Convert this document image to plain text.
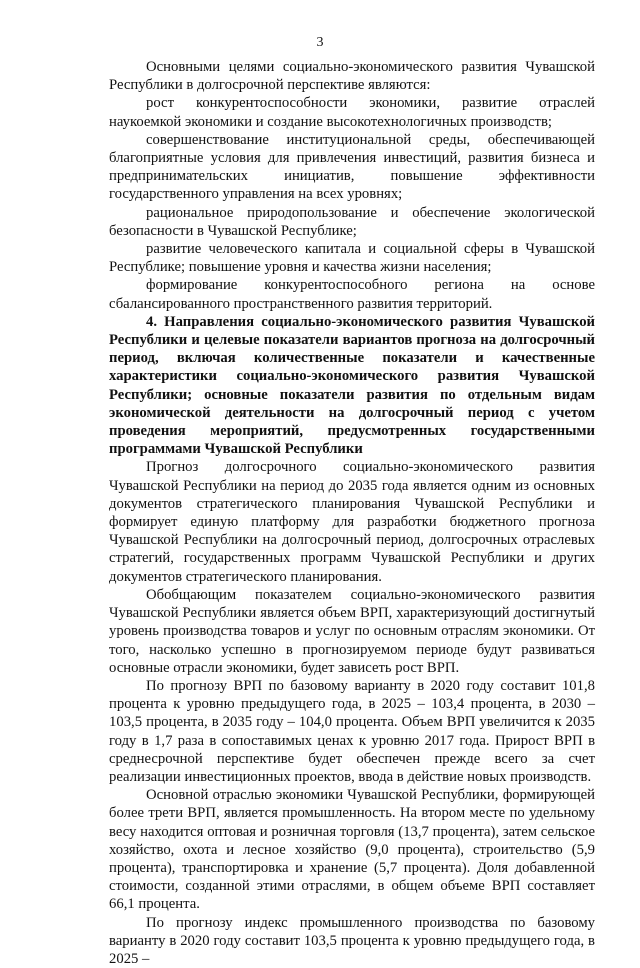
3

Основными целями социально-экономического развития Чувашской Республики в долгосрочной перспективе являются:

рост конкурентоспособности экономики, развитие отраслей наукоемкой экономики и создание высокотехнологичных производств;

совершенствование институциональной среды, обеспечивающей благоприятные условия для привлечения инвестиций, развития бизнеса и предпринимательских инициатив, повышение эффективности государственного управления на всех уровнях;

рациональное природопользование и обеспечение экологической безопасности в Чувашской Республике;

развитие человеческого капитала и социальной сферы в Чувашской Республике; повышение уровня и качества жизни населения;

формирование конкурентоспособного региона на основе сбалансированного пространственного развития территорий.

4. Направления социально-экономического развития Чувашской Республики и целевые показатели вариантов прогноза на долгосрочный период, включая количественные показатели и качественные характеристики социально-экономического развития Чувашской Республики; основные показатели развития по отдельным видам экономической деятельности на долгосрочный период с учетом проведения мероприятий, предусмотренных государственными программами Чувашской Республики

Прогноз долгосрочного социально-экономического развития Чувашской Республики на период до 2035 года является одним из основных документов стратегического планирования Чувашской Республики и формирует единую платформу для разработки бюджетного прогноза Чувашской Республики на долгосрочный период, долгосрочных отраслевых стратегий, государственных программ Чувашской Республики и других документов стратегического планирования.

Обобщающим показателем социально-экономического развития Чувашской Республики является объем ВРП, характеризующий достигнутый уровень производства товаров и услуг по основным отраслям экономики. От того, насколько успешно в прогнозируемом периоде будут развиваться основные отрасли экономики, будет зависеть рост ВРП.

По прогнозу ВРП по базовому варианту в 2020 году составит 101,8 процента к уровню предыдущего года, в 2025 – 103,4 процента, в 2030 – 103,5 процента, в 2035 году – 104,0 процента. Объем ВРП увеличится к 2035 году в 1,7 раза в сопоставимых ценах к уровню 2017 года. Прирост ВРП в среднесрочной перспективе будет обеспечен прежде всего за счет реализации инвестиционных проектов, ввода в действие новых производств.

Основной отраслью экономики Чувашской Республики, формирующей более трети ВРП, является промышленность. На втором месте по удельному весу находится оптовая и розничная торговля (13,7 процента), затем сельское хозяйство, охота и лесное хозяйство (9,0 процента), строительство (5,9 процента), транспортировка и хранение (5,7 процента). Доля добавленной стоимости, созданной этими отраслями, в общем объеме ВРП составляет 66,1 процента.

По прогнозу индекс промышленного производства по базовому варианту в 2020 году составит 103,5 процента к уровню предыдущего года, в 2025 –
